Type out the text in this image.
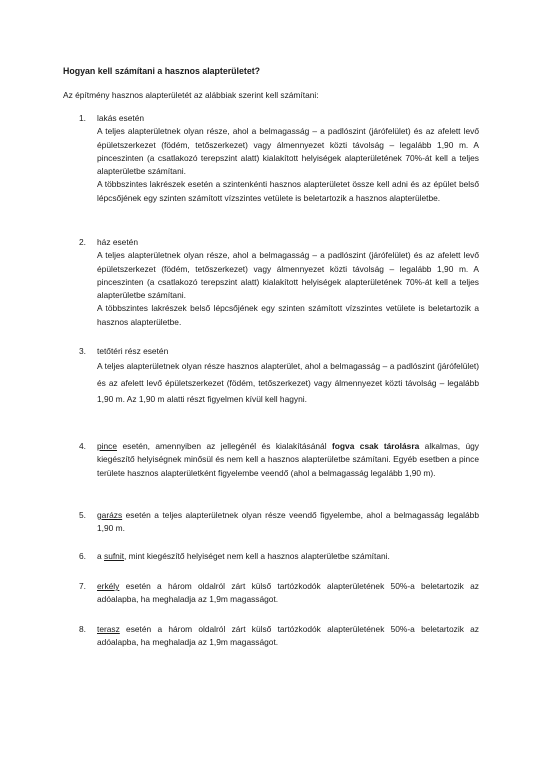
Hogyan kell számítani a hasznos alapterületet?

Az építmény hasznos alapterületét az alábbiak szerint kell számítani:

1. lakás esetén
A teljes alapterületnek olyan része, ahol a belmagasság – a padlószint (járófelület) és az afelett levő épületszerkezet (födém, tetőszerkezet) vagy álmennyezet közti távolság – legalább 1,90 m. A pinceszinten (a csatlakozó terepszint alatt) kialakított helyiségek alapterületének 70%-át kell a teljes alapterületbe számítani.
A többszintes lakrészek esetén a szintenkénti hasznos alapterületet össze kell adni és az épület belső lépcsőjének egy szinten számított vízszintes vetülete is beletartozik a hasznos alapterületbe.
2. ház esetén
A teljes alapterületnek olyan része, ahol a belmagasság – a padlószint (járófelület) és az afelett levő épületszerkezet (födém, tetőszerkezet) vagy álmennyezet közti távolság – legalább 1,90 m. A pinceszinten (a csatlakozó terepszint alatt) kialakított helyiségek alapterületének 70%-át kell a teljes alapterületbe számítani.
A többszintes lakrészek belső lépcsőjének egy szinten számított vízszintes vetülete is beletartozik a hasznos alapterületbe.
3. tetőtéri rész esetén
A teljes alapterületnek olyan része hasznos alapterület, ahol a belmagasság – a padlószint (járófelület) és az afelett levő épületszerkezet (födém, tetőszerkezet) vagy álmennyezet közti távolság – legalább 1,90 m. Az 1,90 m alatti részt figyelmen kívül kell hagyni.
4. pince esetén, amennyiben az jellegénél és kialakításánál fogva csak tárolásra alkalmas, úgy kiegészítő helyiségnek minősül és nem kell a hasznos alapterületbe számítani. Egyéb esetben a pince területe hasznos alapterületként figyelembe veendő (ahol a belmagasság legalább 1,90 m).
5. garázs esetén a teljes alapterületnek olyan része veendő figyelembe, ahol a belmagasság legalább 1,90 m.
6. a sufnit, mint kiegészítő helyiséget nem kell a hasznos alapterületbe számítani.
7. erkély esetén a három oldalról zárt külső tartózkodók alapterületének 50%-a beletartozik az adóalapba, ha meghaladja az 1,9m magasságot.
8. terasz esetén a három oldalról zárt külső tartózkodók alapterületének 50%-a beletartozik az adóalapba, ha meghaladja az 1,9m magasságot.
